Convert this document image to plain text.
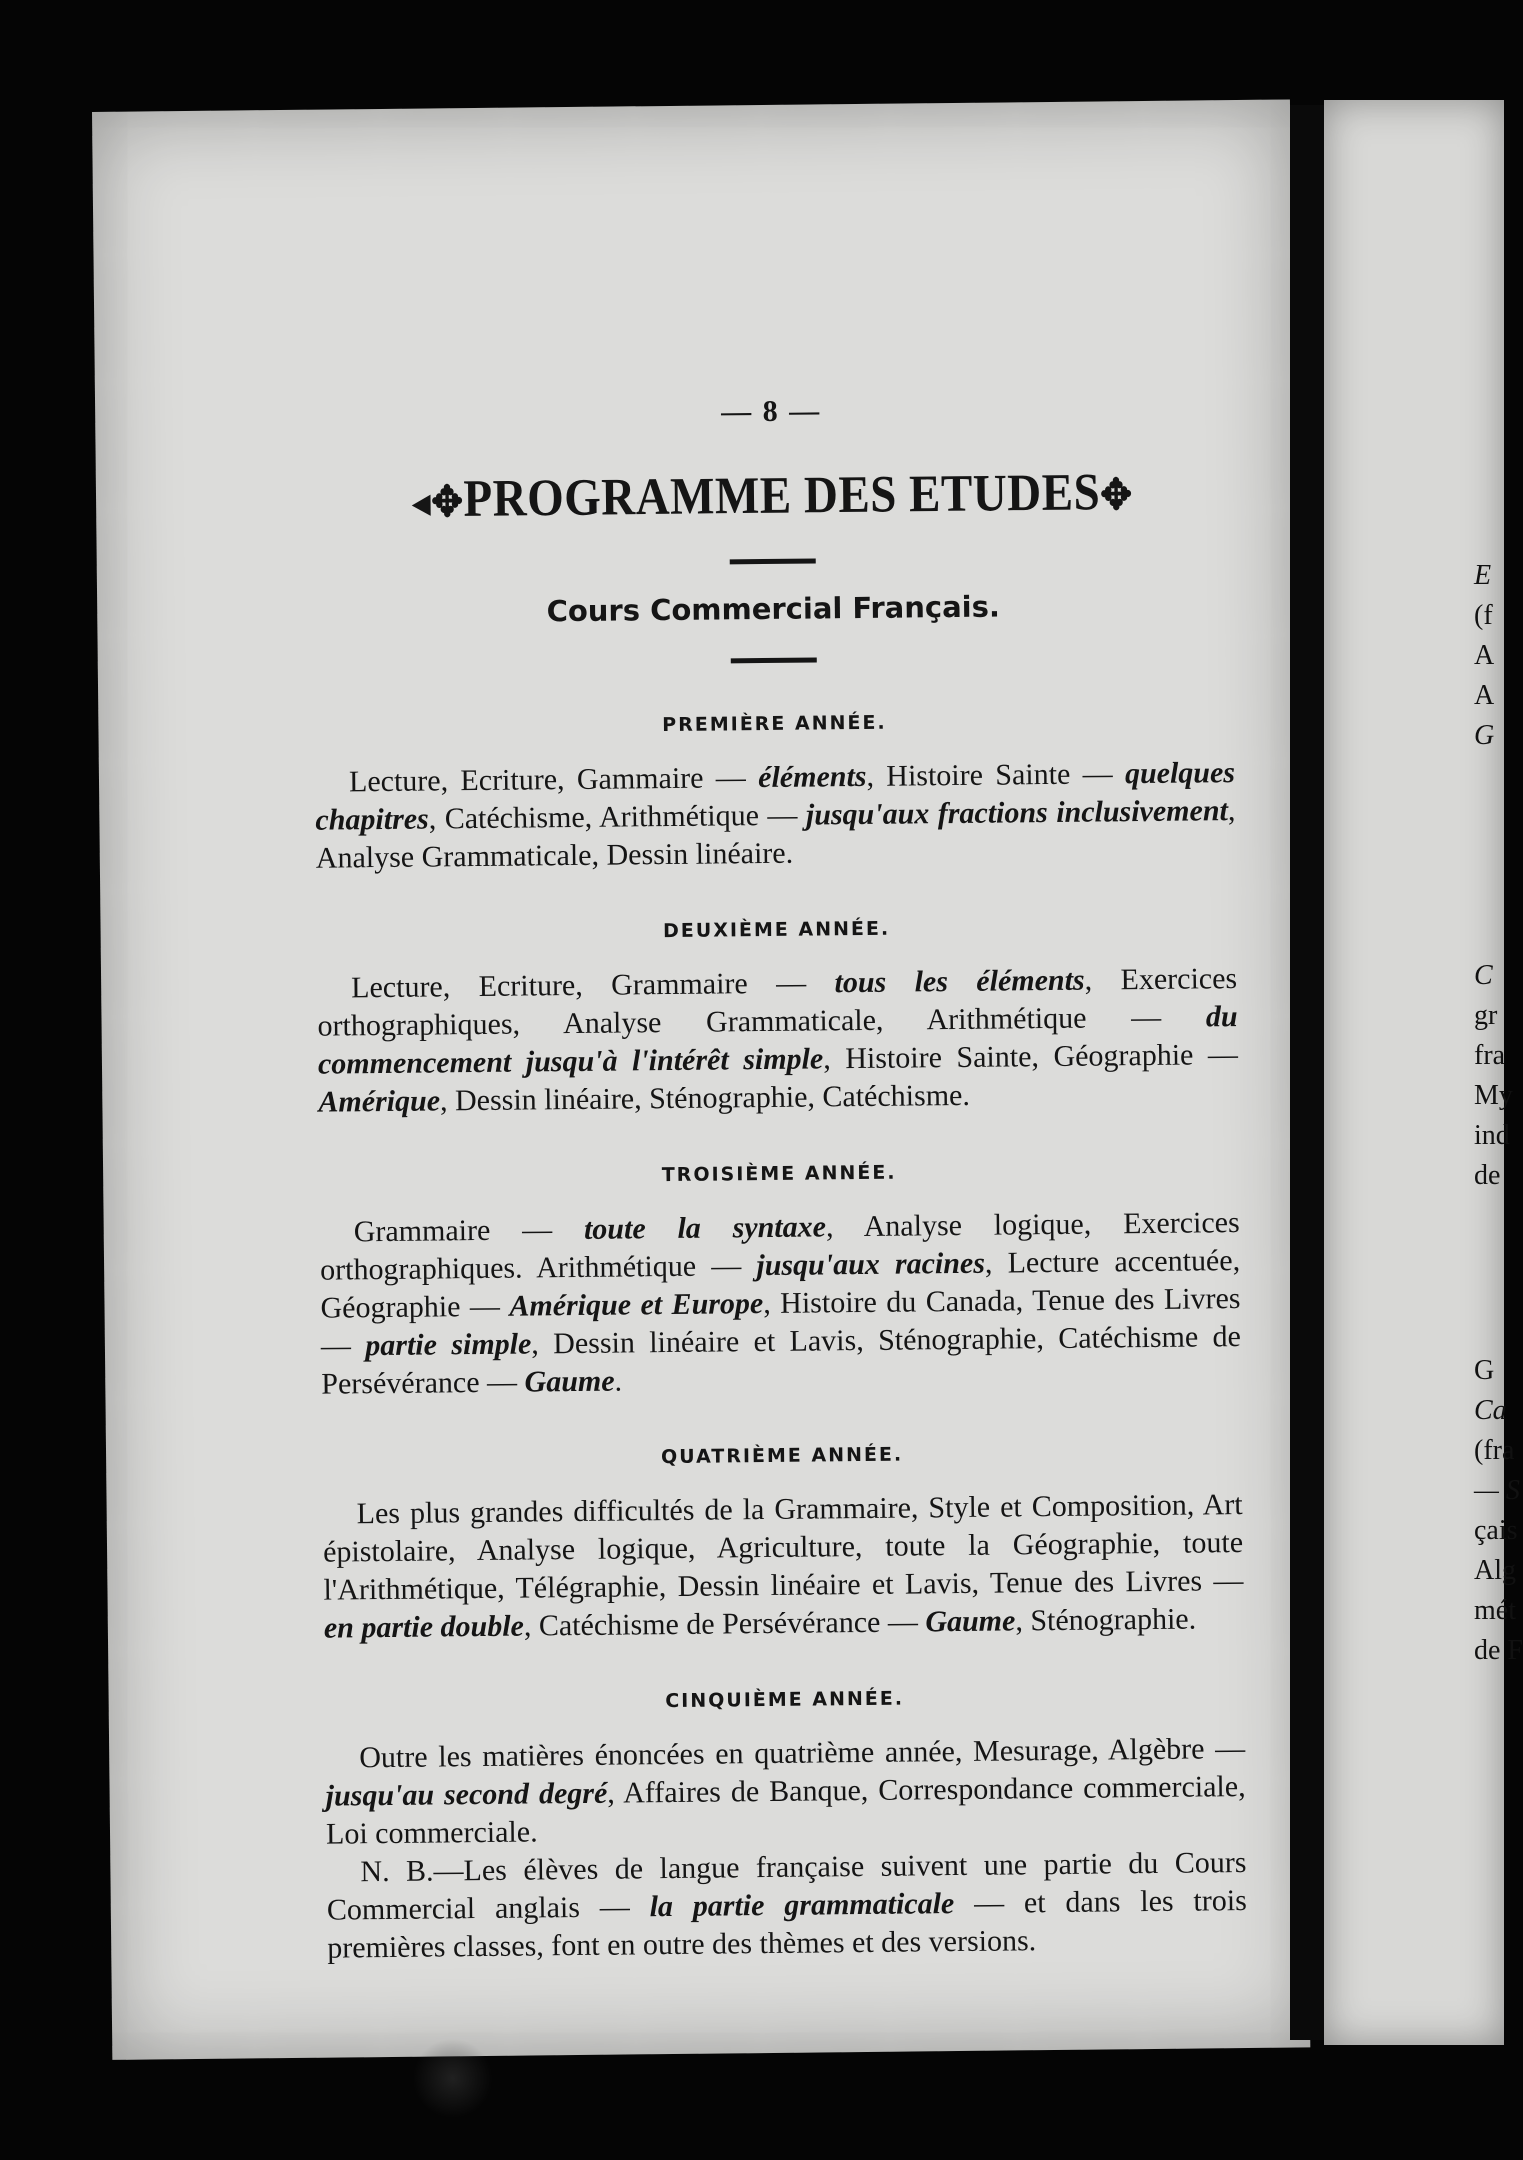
— 8 —
◂✥PROGRAMME DES ETUDES✥
Cours Commercial Français.
PREMIÈRE ANNÉE.

Lecture, Ecriture, Gammaire — éléments, Histoire Sainte — quelques chapitres, Catéchisme, Arithmétique — jusqu'aux fractions inclusivement, Analyse Grammaticale, Dessin linéaire.

DEUXIÈME ANNÉE.

Lecture, Ecriture, Grammaire — tous les éléments, Exercices orthographiques, Analyse Grammaticale, Arithmétique — du commencement jusqu'à l'intérêt simple, Histoire Sainte, Géographie — Amérique, Dessin linéaire, Sténographie, Catéchisme.

TROISIÈME ANNÉE.

Grammaire — toute la syntaxe, Analyse logique, Exercices orthographiques. Arithmétique — jusqu'aux racines, Lecture accentuée, Géographie — Amérique et Europe, Histoire du Canada, Tenue des Livres — partie simple, Dessin linéaire et Lavis, Sténographie, Catéchisme de Persévérance — Gaume.

QUATRIÈME ANNÉE.

Les plus grandes difficultés de la Grammaire, Style et Composition, Art épistolaire, Analyse logique, Agriculture, toute la Géographie, toute l'Arithmétique, Télégraphie, Dessin linéaire et Lavis, Tenue des Livres — en partie double, Catéchisme de Persévérance — Gaume, Sténographie.

CINQUIÈME ANNÉE.

Outre les matières énoncées en quatrième année, Mesurage, Algèbre — jusqu'au second degré, Affaires de Banque, Correspondance commerciale, Loi commerciale.

N. B.—Les élèves de langue française suivent une partie du Cours Commercial anglais — la partie grammaticale — et dans les trois premières classes, font en outre des thèmes et des versions.

E
(f
A
A
G
C
gr
fra
My
ind
de
G
Ca
(fra
— S
çais
Alg
mét
de F
